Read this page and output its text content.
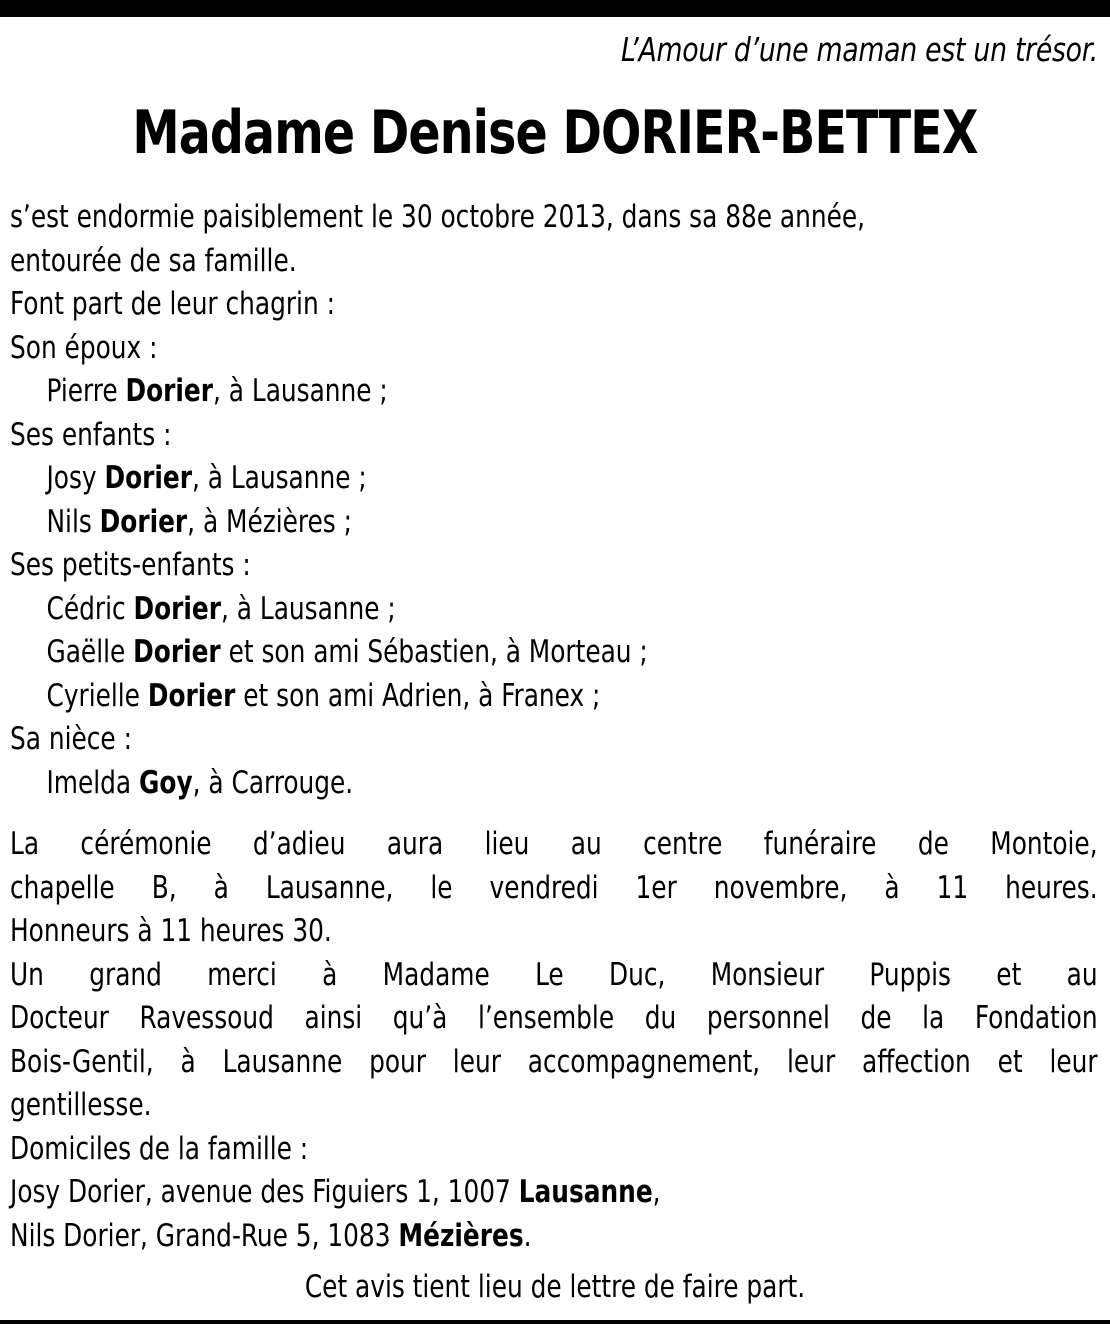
L’Amour d’une maman est un trésor.
Madame Denise DORIER-BETTEX
s’est endormie paisiblement le 30 octobre 2013, dans sa 88e année,
entourée de sa famille.
Font part de leur chagrin :
Son époux :
Pierre Dorier, à Lausanne ;
Ses enfants :
Josy Dorier, à Lausanne ;
Nils Dorier, à Mézières ;
Ses petits-enfants :
Cédric Dorier, à Lausanne ;
Gaëlle Dorier et son ami Sébastien, à Morteau ;
Cyrielle Dorier et son ami Adrien, à Franex ;
Sa nièce :
Imelda Goy, à Carrouge.
La cérémonie d’adieu aura lieu au centre funéraire de Montoie,
chapelle B, à Lausanne, le vendredi 1er novembre, à 11 heures.
Honneurs à 11 heures 30.
Un grand merci à Madame Le Duc, Monsieur Puppis et au
Docteur Ravessoud ainsi qu’à l’ensemble du personnel de la Fondation
Bois-Gentil, à Lausanne pour leur accompagnement, leur affection et leur
gentillesse.
Domiciles de la famille :
Josy Dorier, avenue des Figuiers 1, 1007 Lausanne,
Nils Dorier, Grand-Rue 5, 1083 Mézières.
Cet avis tient lieu de lettre de faire part.
